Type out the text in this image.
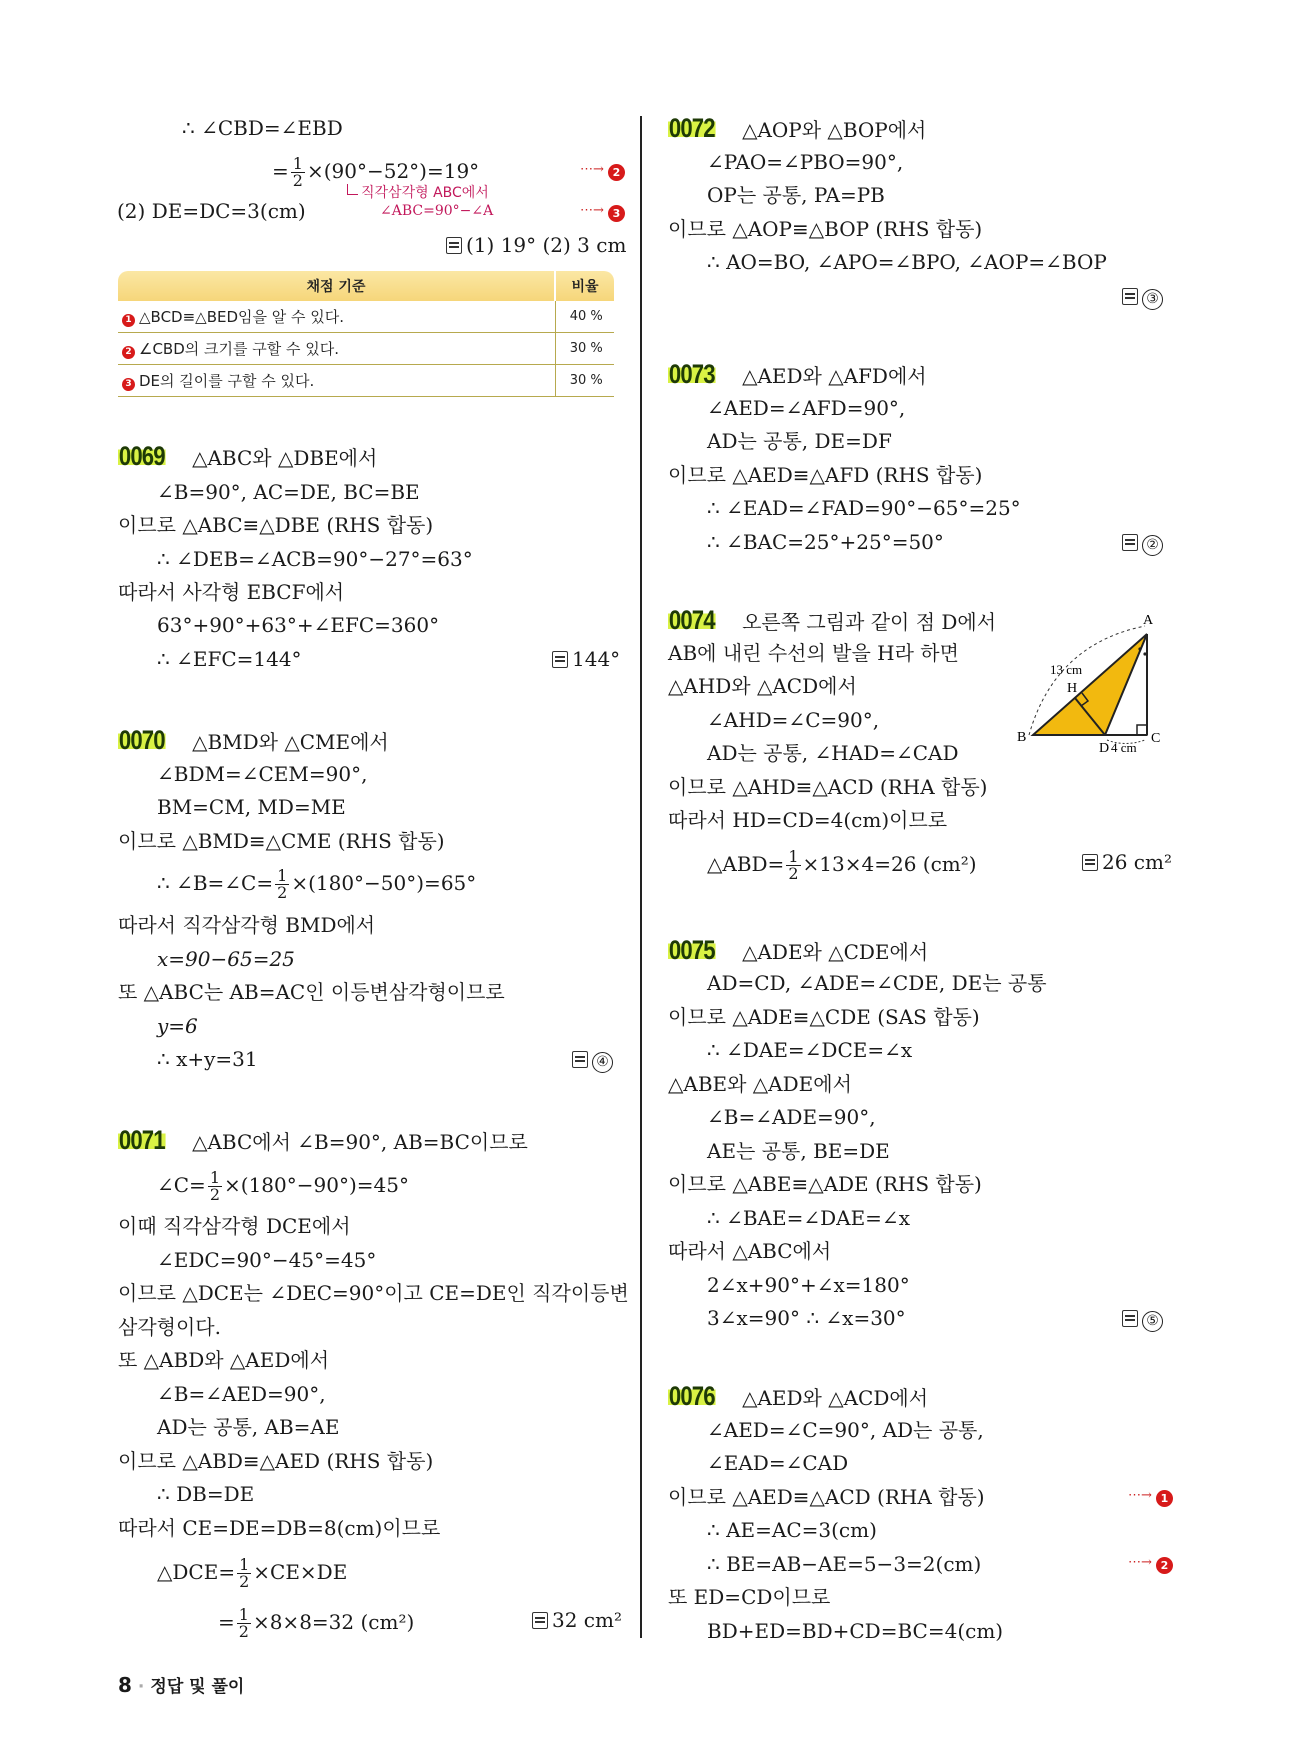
∴ ∠CBD=∠EBD
= $\frac{1}{2} \times(90^\circ-52^\circ)=19^\circ$
직각삼각형 ABC에서
∠ABC=90°−∠A
(2) DE=DC=3(cm)
⋯→ 2
⋯→ 3
(1) 19° (2) 3 cm
채점 기준	비율
1 △BCD≡△BED임을 알 수 있다.	40 %
2 ∠CBD의 크기를 구할 수 있다.	30 %
3 DE의 길이를 구할 수 있다.	30 %
0069 △ABC와 △DBE에서
∠B=90°, AC=DE, BC=BE
이므로 △ABC≡△DBE (RHS 합동)
∴ ∠DEB=∠ACB=90°−27°=63°
따라서 사각형 EBCF에서
63°+90°+63°+∠EFC=360°
∴ ∠EFC=144°	144°
0070 △BMD와 △CME에서
∠BDM=∠CEM=90°,
BM=CM, MD=ME
이므로 △BMD≡△CME (RHS 합동)
∴ ∠B=∠C= $\frac{1}{2} \times(180^\circ-50^\circ)=65^\circ$
따라서 직각삼각형 BMD에서
x=90−65=25
또 △ABC는 AB=AC인 이등변삼각형이므로
y=6
∴ x+y=31	④
0071 △ABC에서 ∠B=90°, AB=BC이므로
∠C= $\frac{1}{2} \times(180^\circ-90^\circ)=45^\circ$
이때 직각삼각형 DCE에서
∠EDC=90°−45°=45°
이므로 △DCE는 ∠DEC=90°이고 CE=DE인 직각이등변
삼각형이다.
또 △ABD와 △AED에서
∠B=∠AED=90°,
AD는 공통, AB=AE
이므로 △ABD≡△AED (RHS 합동)
∴ DB=DE
따라서 CE=DE=DB=8(cm)이므로
△DCE= $\frac{1}{2} \times CE\times DE$
= $\frac{1}{2} \times 8\times 8=32$ (cm²)	32 cm²
0072 △AOP와 △BOP에서
∠PAO=∠PBO=90°,
OP는 공통, PA=PB
이므로 △AOP≡△BOP (RHS 합동)
∴ AO=BO, ∠APO=∠BPO, ∠AOP=∠BOP
③
0073 △AED와 △AFD에서
∠AED=∠AFD=90°,
AD는 공통, DE=DF
이므로 △AED≡△AFD (RHS 합동)
∴ ∠EAD=∠FAD=90°−65°=25°
∴ ∠BAC=25°+25°=50°	②
0074 오른쪽 그림과 같이 점 D에서
AB에 내린 수선의 발을 H라 하면
△AHD와 △ACD에서
∠AHD=∠C=90°,
AD는 공통, ∠HAD=∠CAD
이므로 △AHD≡△ACD (RHA 합동)
따라서 HD=CD=4(cm)이므로
△ABD= $\frac{1}{2} \times 13\times 4=26$ (cm²)	26 cm²
A
B	C
D
H
13 cm
4 cm
0075 △ADE와 △CDE에서
AD=CD, ∠ADE=∠CDE, DE는 공통
이므로 △ADE≡△CDE (SAS 합동)
∴ ∠DAE=∠DCE=∠x
△ABE와 △ADE에서
∠B=∠ADE=90°,
AE는 공통, BE=DE
이므로 △ABE≡△ADE (RHS 합동)
∴ ∠BAE=∠DAE=∠x
따라서 △ABC에서
2∠x+90°+∠x=180°
3∠x=90° ∴ ∠x=30°	⑤
0076 △AED와 △ACD에서
∠AED=∠C=90°, AD는 공통,
∠EAD=∠CAD
이므로 △AED≡△ACD (RHA 합동)
∴ AE=AC=3(cm)
∴ BE=AB−AE=5−3=2(cm)
또 ED=CD이므로
BD+ED=BD+CD=BC=4(cm)
⋯→ 1
⋯→ 2
8 · 정답 및 풀이
